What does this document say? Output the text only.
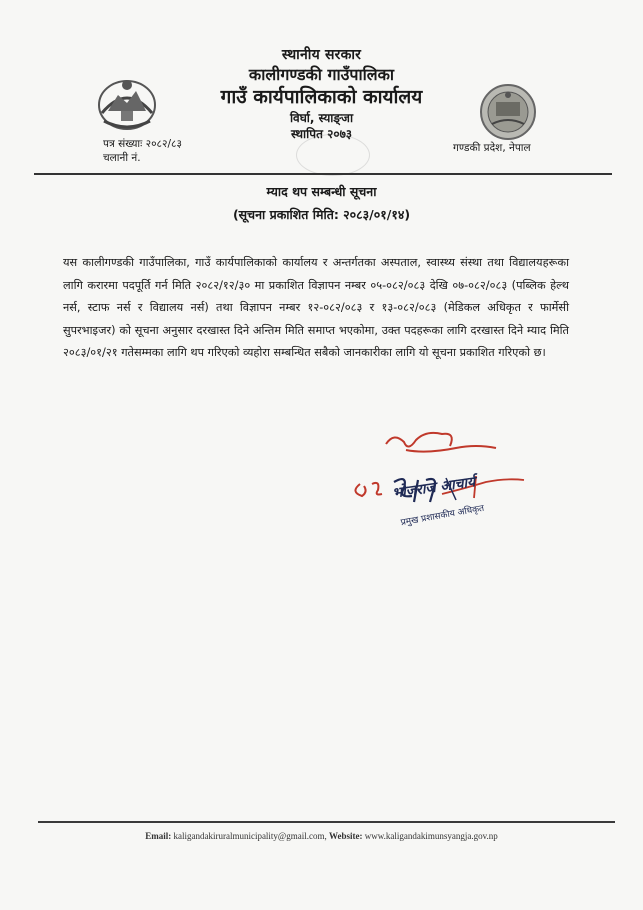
स्थानीय सरकार
कालीगण्डकी गाउँपालिका
गाउँ कार्यपालिकाको कार्यालय
विर्घा, स्याङ्जा
स्थापित २०७३
पत्र संख्याः २०८२/८३
चलानी नं.
गण्डकी प्रदेश, नेपाल
म्याद थप सम्बन्धी सूचना
(सूचना प्रकाशित मिति: २०८३/०१/१४)
यस कालीगण्डकी गाउँपालिका, गाउँ कार्यपालिकाको कार्यालय र अन्तर्गतका अस्पताल, स्वास्थ्य संस्था तथा विद्यालयहरूका लागि करारमा पदपूर्ति गर्न मिति २०८२/१२/३० मा प्रकाशित विज्ञापन नम्बर ०५-०८२/०८३ देखि ०७-०८२/०८३ (पब्लिक हेल्थ नर्स, स्टाफ नर्स र विद्यालय नर्स) तथा विज्ञापन नम्बर १२-०८२/०८३ र १३-०८२/०८३ (मेडिकल अधिकृत र फार्मेसी सुपरभाइजर) को सूचना अनुसार दरखास्त दिने अन्तिम मिति समाप्त भएकोमा, उक्त पदहरूका लागि दरखास्त दिने म्याद मिति २०८३/०१/२१ गतेसम्मका लागि थप गरिएको व्यहोरा सम्बन्धित सबैको जानकारीका लागि यो सूचना प्रकाशित गरिएको छ।
भोजराज आचार्य
प्रमुख प्रशासकीय अधिकृत
Email: kaligandakiruralmunicipality@gmail.com, Website: www.kaligandakimunsyangja.gov.np
